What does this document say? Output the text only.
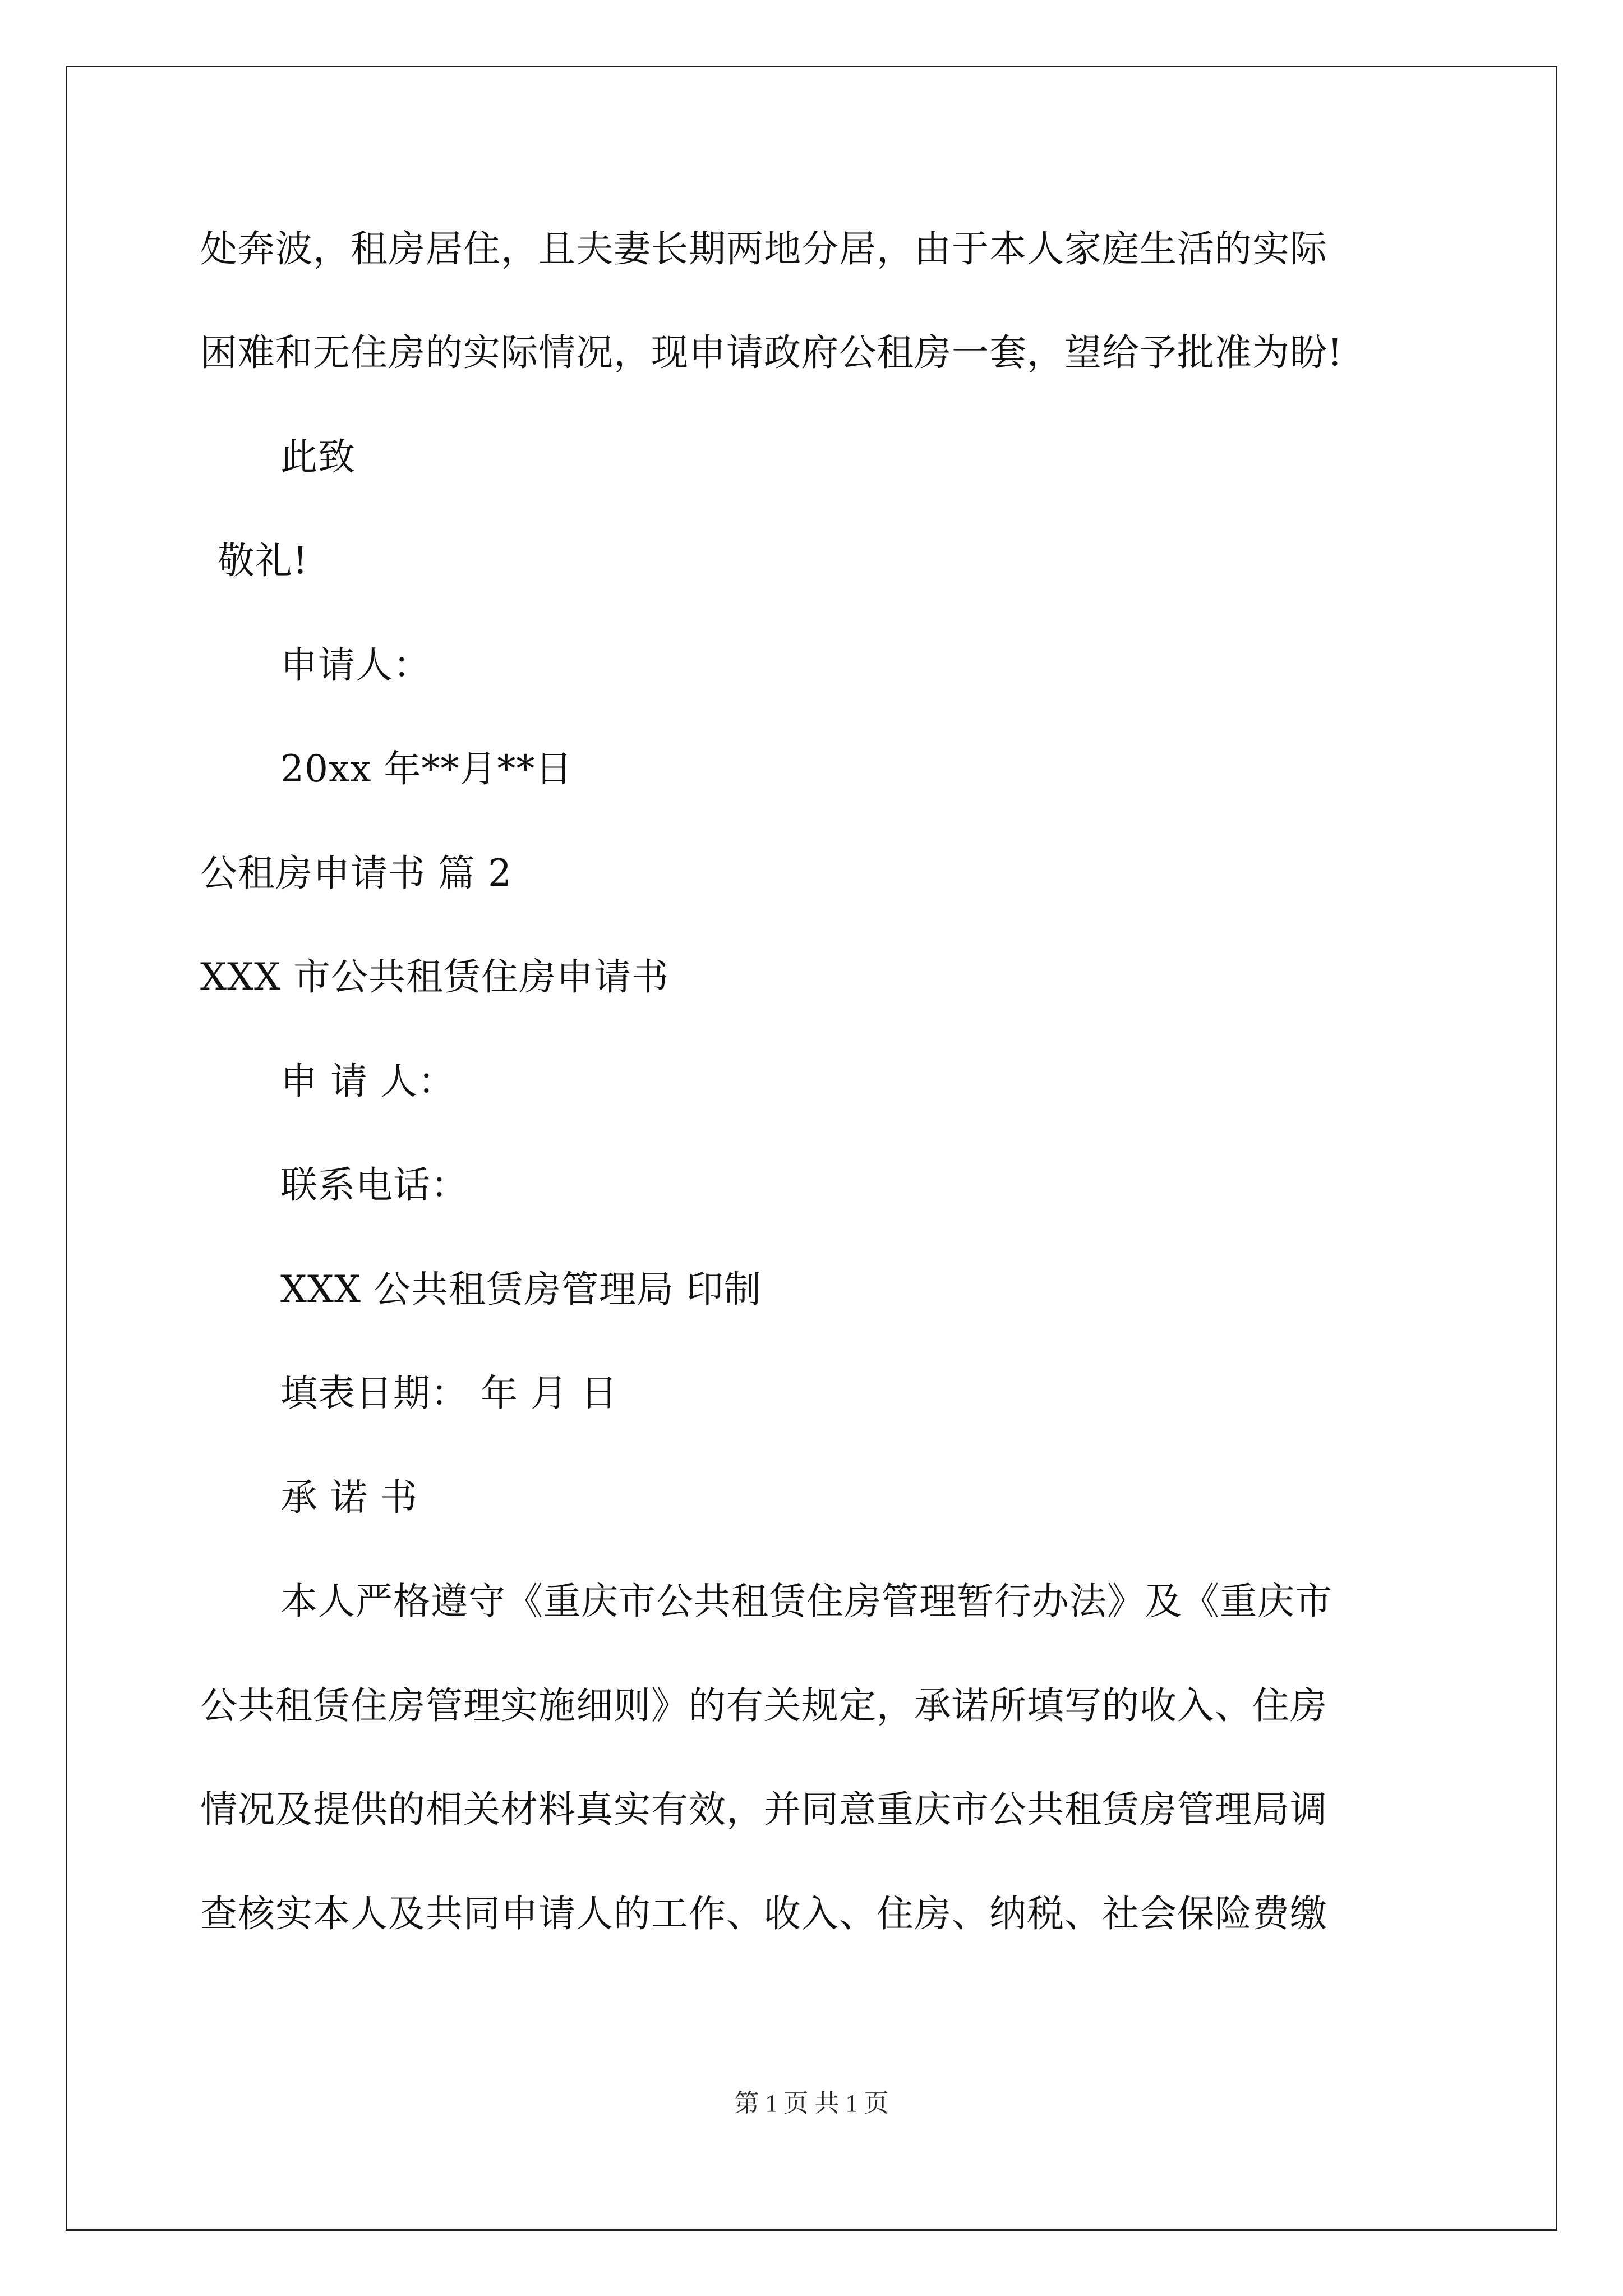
处奔波，租房居住，且夫妻长期两地分居，由于本人家庭生活的实际
困难和无住房的实际情况，现申请政府公租房一套，望给予批准为盼!
此致
敬礼!
申请人：
20xx 年**月**日
公租房申请书 篇 2
XXX 市公共租赁住房申请书
申 请 人：
联系电话：
XXX 公共租赁房管理局 印制
填表日期： 年 月 日
承 诺 书
本人严格遵守《重庆市公共租赁住房管理暂行办法》及《重庆市
公共租赁住房管理实施细则》的有关规定，承诺所填写的收入、住房
情况及提供的相关材料真实有效，并同意重庆市公共租赁房管理局调
查核实本人及共同申请人的工作、收入、住房、纳税、社会保险费缴
第 1 页 共 1 页
